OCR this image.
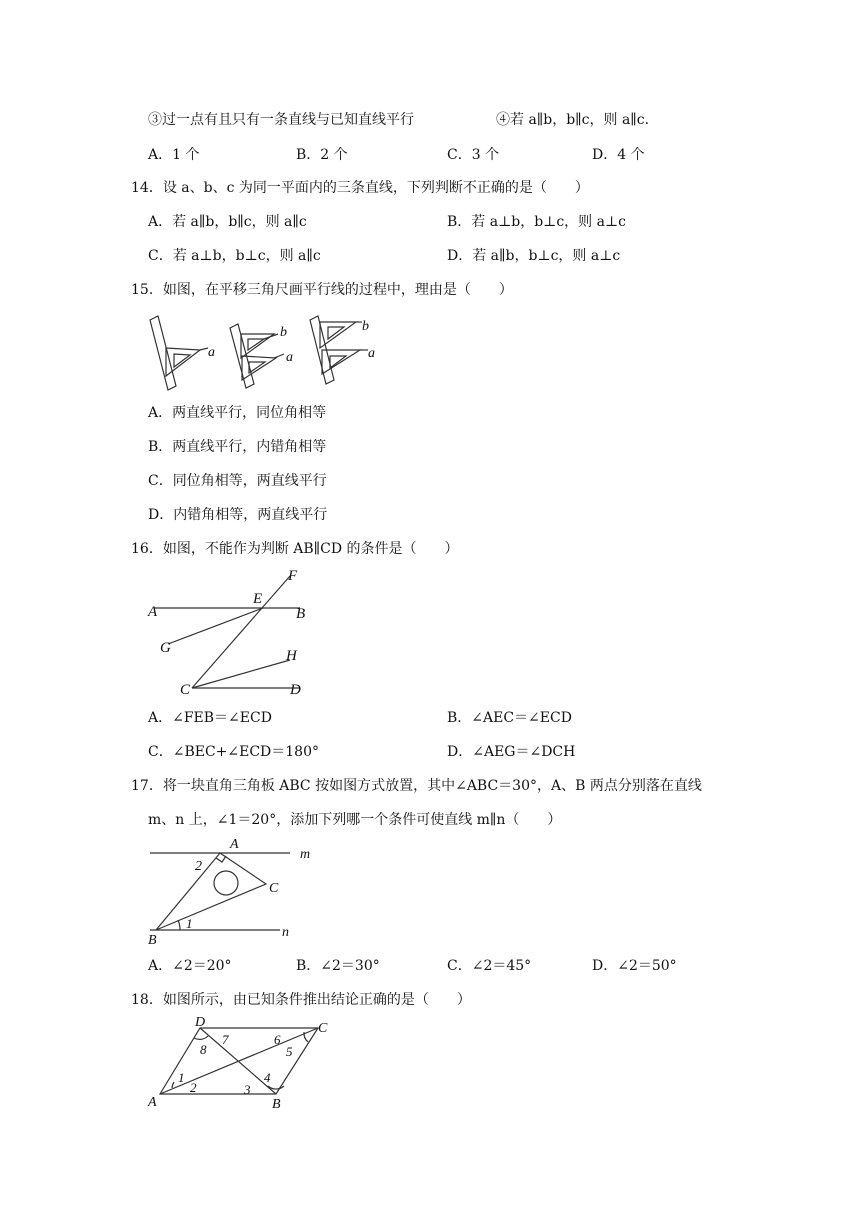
③过一点有且只有一条直线与已知直线平行	④若 a∥b，b∥c，则 a∥c．
A．1 个	B．2 个	C．3 个	D．4 个
14．设 a、b、c 为同一平面内的三条直线，下列判断不正确的是（　　）
A．若 a∥b，b∥c，则 a∥c	B．若 a⊥b，b⊥c，则 a⊥c
C．若 a⊥b，b⊥c，则 a∥c	D．若 a∥b，b⊥c，则 a⊥c
15．如图，在平移三角尺画平行线的过程中，理由是（　　）
a
b
a
b
a
A．两直线平行，同位角相等
B．两直线平行，内错角相等
C．同位角相等，两直线平行
D．内错角相等，两直线平行
16．如图，不能作为判断 AB∥CD 的条件是（　　）
F
A
E
B
G	H
C	D
A．∠FEB＝∠ECD	B．∠AEC＝∠ECD
C．∠BEC+∠ECD＝180°	D．∠AEG＝∠DCH
17．将一块直角三角板 ABC 按如图方式放置，其中∠ABC＝30°，A、B 两点分别落在直线
m、n 上，∠1＝20°，添加下列哪一个条件可使直线 m∥n（　　）
A
m
2
C
1
B
n
A．∠2＝20°	B．∠2＝30°	C．∠2＝45°	D．∠2＝50°
18．如图所示，由已知条件推出结论正确的是（　　）
D
7	6
C
8	5
1	4
2	3
A	B
